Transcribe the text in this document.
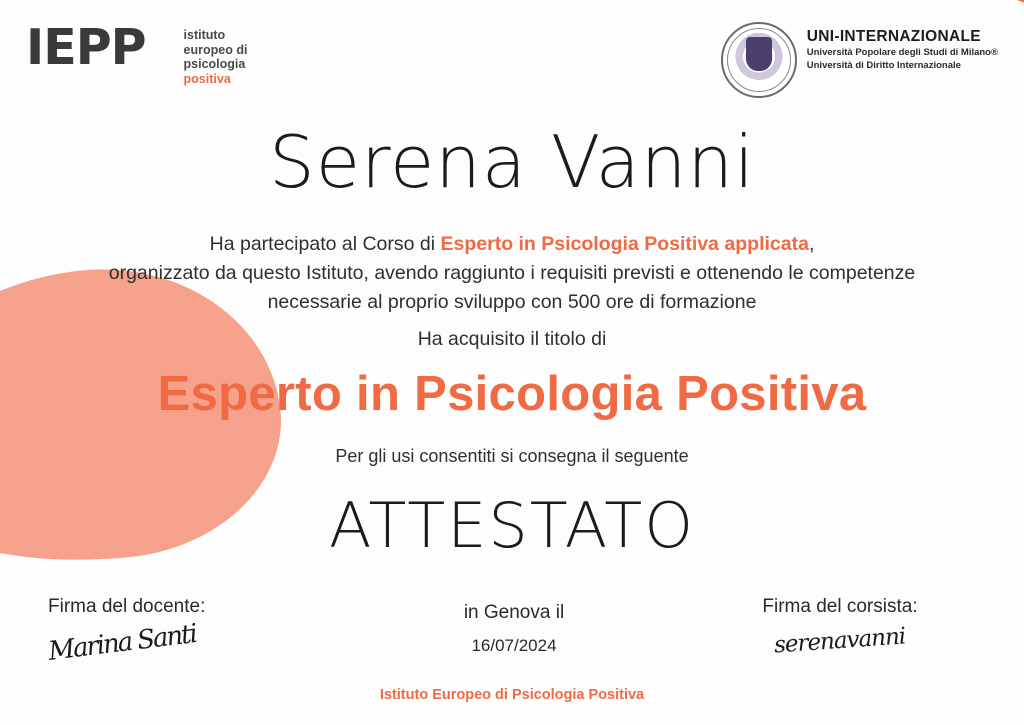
IEPP	istituto
europeo di
psicologia
positiva
UNI-INTERNAZIONALE
Università Popolare degli Studi di Milano®
Università di Diritto Internazionale
Serena Vanni
Ha partecipato al Corso di Esperto in Psicologia Positiva applicata,
organizzato da questo Istituto, avendo raggiunto i requisiti previsti e ottenendo le competenze
necessarie al proprio sviluppo con 500 ore di formazione
Ha acquisito il titolo di
Esperto in Psicologia Positiva
Per gli usi consentiti si consegna il seguente
ATTESTATO
Firma del docente:
Marina Santi
in Genova il
16/07/2024
Firma del corsista:
serenavanni
Istituto Europeo di Psicologia Positiva
